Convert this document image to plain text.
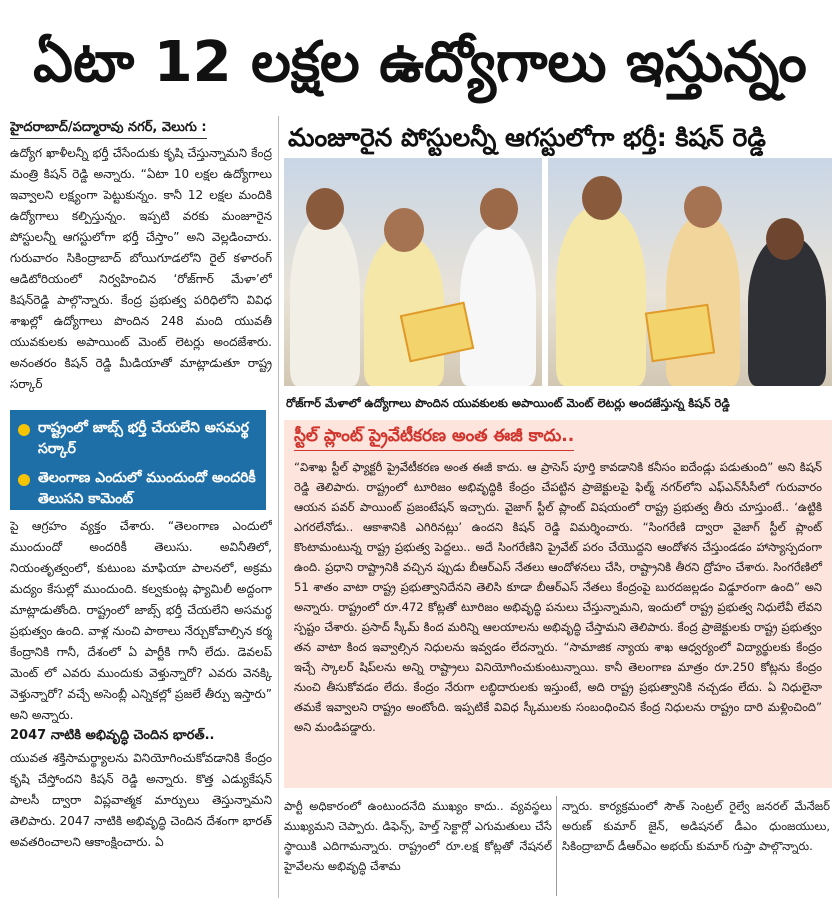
ఏటా 12 లక్షల ఉద్యోగాలు ఇస్తున్నం
హైదరాబాద్/పద్మారావు నగర్, వెలుగు :

ఉద్యోగ ఖాళీలన్నీ భర్తీ చేసేందుకు కృషి చేస్తున్నామని కేంద్ర మంత్రి కిషన్ రెడ్డి అన్నారు. “ఏటా 10 లక్షల ఉద్యోగాలు ఇవ్వాలని లక్ష్యంగా పెట్టుకున్నం. కానీ 12 లక్షల మందికి ఉద్యోగాలు కల్పిస్తున్నం. ఇప్పటి వరకు మంజూరైన పోస్టులన్నీ ఆగస్టులోగా భర్తీ చేస్తాం” అని వెల్లడించారు. గురువారం సికింద్రాబాద్ బోయిగూడలోని రైల్ కళారంగ్ ఆడిటోరియంలో నిర్వహించిన ‘రోజ్‌గార్ మేళా’లో కిషన్‌రెడ్డి పాల్గొన్నారు. కేంద్ర ప్రభుత్వ పరిధిలోని వివిధ శాఖల్లో ఉద్యోగాలు పొందిన 248 మంది యువతీ యువకులకు అపాయింట్ మెంట్ లెటర్లు అందజేశారు. అనంతరం కిషన్ రెడ్డి మీడియాతో మాట్లాడుతూ రాష్ట్ర సర్కార్

రాష్ట్రంలో జాబ్స్ భర్తీ చేయలేని అసమర్థ సర్కార్
తెలంగాణ ఎందులో ముందుందో అందరికీ తెలుసని కామెంట్

పై ఆగ్రహం వ్యక్తం చేశారు. “తెలంగాణ ఎందులో ముందుందో అందరికీ తెలుసు. అవినీతిలో, నియంతృత్వంలో, కుటుంబ మాఫియా పాలనలో, అక్రమ మద్యం కేసుల్లో ముందుంది. కల్వకుంట్ల ఫ్యామిలీ అద్దంగా మాట్లాడుతోంది. రాష్ట్రంలో జాబ్స్ భర్తీ చేయలేని అసమర్థ ప్రభుత్వం ఉంది. వాళ్ల నుంచి పాఠాలు నేర్చుకోవాల్సిన కర్మ కేంద్రానికి గానీ, దేశంలో ఏ పార్టీకి గానీ లేదు. డెవలప్ మెంట్ లో ఎవరు ముందుకు వెళ్తున్నారో? ఎవరు వెనక్కి వెళ్తున్నారో? వచ్చే అసెంబ్లీ ఎన్నికల్లో ప్రజలే తీర్పు ఇస్తారు” అని అన్నారు.

2047 నాటికి అభివృద్ధి చెందిన భారత్..

యువత శక్తిసామర్థ్యాలను వినియోగించుకోవడానికి కేంద్రం కృషి చేస్తోందని కిషన్ రెడ్డి అన్నారు. కొత్త ఎడ్యుకేషన్ పాలసీ ద్వారా విప్లవాత్మక మార్పులు తెస్తున్నామని తెలిపారు. 2047 నాటికి అభివృద్ధి చెందిన దేశంగా భారత్ అవతరించాలని ఆకాంక్షించారు. ఏ

మంజూరైన పోస్టులన్నీ ఆగస్టులోగా భర్తీ: కిషన్ రెడ్డి
రోజ్‌గార్ మేళాలో ఉద్యోగాలు పొందిన యువకులకు అపాయింట్ మెంట్ లెటర్లు అందజేస్తున్న కిషన్ రెడ్డి
స్టీల్ ప్లాంట్ ప్రైవేటీకరణ అంత ఈజీ కాదు..

“విశాఖ స్టీల్ ఫ్యాక్టరీ ప్రైవేటీకరణ అంత ఈజీ కాదు. ఆ ప్రాసెస్ పూర్తి కావడానికి కనీసం ఐదేండ్లు పడుతుంది” అని కిషన్ రెడ్డి తెలిపారు. రాష్ట్రంలో టూరిజం అభివృద్ధికి కేంద్రం చేపట్టిన ప్రాజెక్టులపై ఫిల్మ్ నగర్‌లోని ఎఫ్ఎన్‌సీసీలో గురువారం ఆయన పవర్ పాయింట్ ప్రజంటేషన్ ఇచ్చారు. వైజాగ్ స్టీల్ ప్లాంట్ విషయంలో రాష్ట్ర ప్రభుత్వ తీరు చూస్తుంటే.. ‘ఉట్టికి ఎగరలేనోడు.. ఆకాశానికి ఎగిరినట్లు’ ఉందని కిషన్ రెడ్డి విమర్శించారు. “సింగరేణి ద్వారా వైజాగ్ స్టీల్ ప్లాంట్ కొంటామంటున్న రాష్ట్ర ప్రభుత్వ పెద్దలు.. అదే సింగరేణిని ప్రైవేట్ పరం చేయొద్దని ఆందోళన చేస్తుండడం హాస్యాస్పదంగా ఉంది. ప్రధాని రాష్ట్రానికి వచ్చిన ప్పుడు బీఆర్ఎస్ నేతలు ఆందోళనలు చేసి, రాష్ట్రానికి తీరని ద్రోహం చేశారు. సింగరేణిలో 51 శాతం వాటా రాష్ట్ర ప్రభుత్వానిదేనని తెలిసి కూడా బీఆర్ఎస్ నేతలు కేంద్రంపై బురదజల్లడం విడ్డూరంగా ఉంది” అని అన్నారు. రాష్ట్రంలో రూ.472 కోట్లతో టూరిజం అభివృద్ధి పనులు చేస్తున్నామని, ఇందులో రాష్ట్ర ప్రభుత్వ నిధులేవీ లేవని స్పష్టం చేశారు. ప్రసాద్ స్కీమ్ కింద మరిన్ని ఆలయాలను అభివృద్ధి చేస్తామని తెలిపారు. కేంద్ర ప్రాజెక్టులకు రాష్ట్ర ప్రభుత్వం తన వాటా కింద ఇవ్వాల్సిన నిధులను ఇవ్వడం లేదన్నారు. “సామాజిక న్యాయ శాఖ ఆధ్వర్యంలో విద్యార్థులకు కేంద్రం ఇచ్చే స్కాలర్ షిప్‌లను అన్ని రాష్ట్రాలు వినియోగించుకుంటున్నాయి. కానీ తెలంగాణ మాత్రం రూ.250 కోట్లను కేంద్రం నుంచి తీసుకోవడం లేదు. కేంద్రం నేరుగా లబ్ధిదారులకు ఇస్తుంటే, అది రాష్ట్ర ప్రభుత్వానికి నచ్చడం లేదు. ఏ నిధులైనా తమకే ఇవ్వాలని రాష్ట్రం అంటోంది. ఇప్పటికే వివిధ స్కీములకు సంబంధించిన కేంద్ర నిధులను రాష్ట్రం దారి మళ్లించింది” అని మండిపడ్డారు.

పార్టీ అధికారంలో ఉంటుందనేది ముఖ్యం కాదు.. వ్యవస్థలు ముఖ్యమని చెప్పారు. డిఫెన్స్, హెల్త్ సెక్టార్లో ఎగుమతులు చేసే స్థాయికి ఎదిగామన్నారు. రాష్ట్రంలో రూ.లక్ష కోట్లతో నేషనల్ హైవేలను అభివృద్ధి చేశామ

న్నారు. కార్యక్రమంలో సౌత్ సెంట్రల్ రైల్వే జనరల్ మేనేజర్ అరుణ్ కుమార్ జైన్, అడిషనల్ డీఎం ధుంజయులు, సికింద్రాబాద్ డీఆర్ఎం అభయ్ కుమార్ గుప్తా పాల్గొన్నారు.
